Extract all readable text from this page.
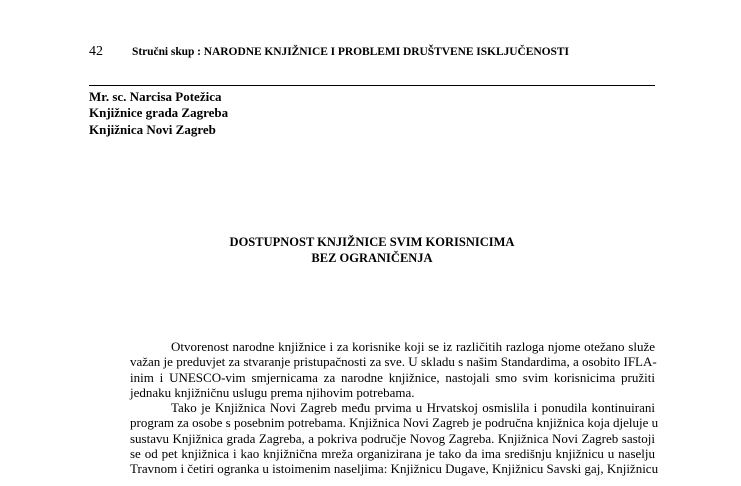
42	Stručni skup : NARODNE KNJIŽNICE I PROBLEMI DRUŠTVENE ISKLJUČENOSTI
Mr. sc. Narcisa Potežica
Knjižnice grada Zagreba
Knjižnica Novi Zagreb
DOSTUPNOST KNJIŽNICE SVIM KORISNICIMA
BEZ OGRANIČENJA
Otvorenost narodne knjižnice i za korisnike koji se iz različitih razloga njome otežano služe
važan je preduvjet za stvaranje pristupačnosti za sve. U skladu s našim Standardima, a osobito IFLA-
inim i UNESCO-vim smjernicama za narodne knjižnice, nastojali smo svim korisnicima pružiti
jednaku knjižničnu uslugu prema njihovim potrebama.
Tako je Knjižnica Novi Zagreb među prvima u Hrvatskoj osmislila i ponudila kontinuirani
program za osobe s posebnim potrebama. Knjižnica Novi Zagreb je područna knjižnica koja djeluje u
sustavu Knjižnica grada Zagreba, a pokriva područje Novog Zagreba. Knjižnica Novi Zagreb sastoji
se od pet knjižnica i kao knjižnična mreža organizirana je tako da ima središnju knjižnicu u naselju
Travnom i četiri ogranka u istoimenim naseljima: Knjižnicu Dugave, Knjižnicu Savski gaj, Knjižnicu
